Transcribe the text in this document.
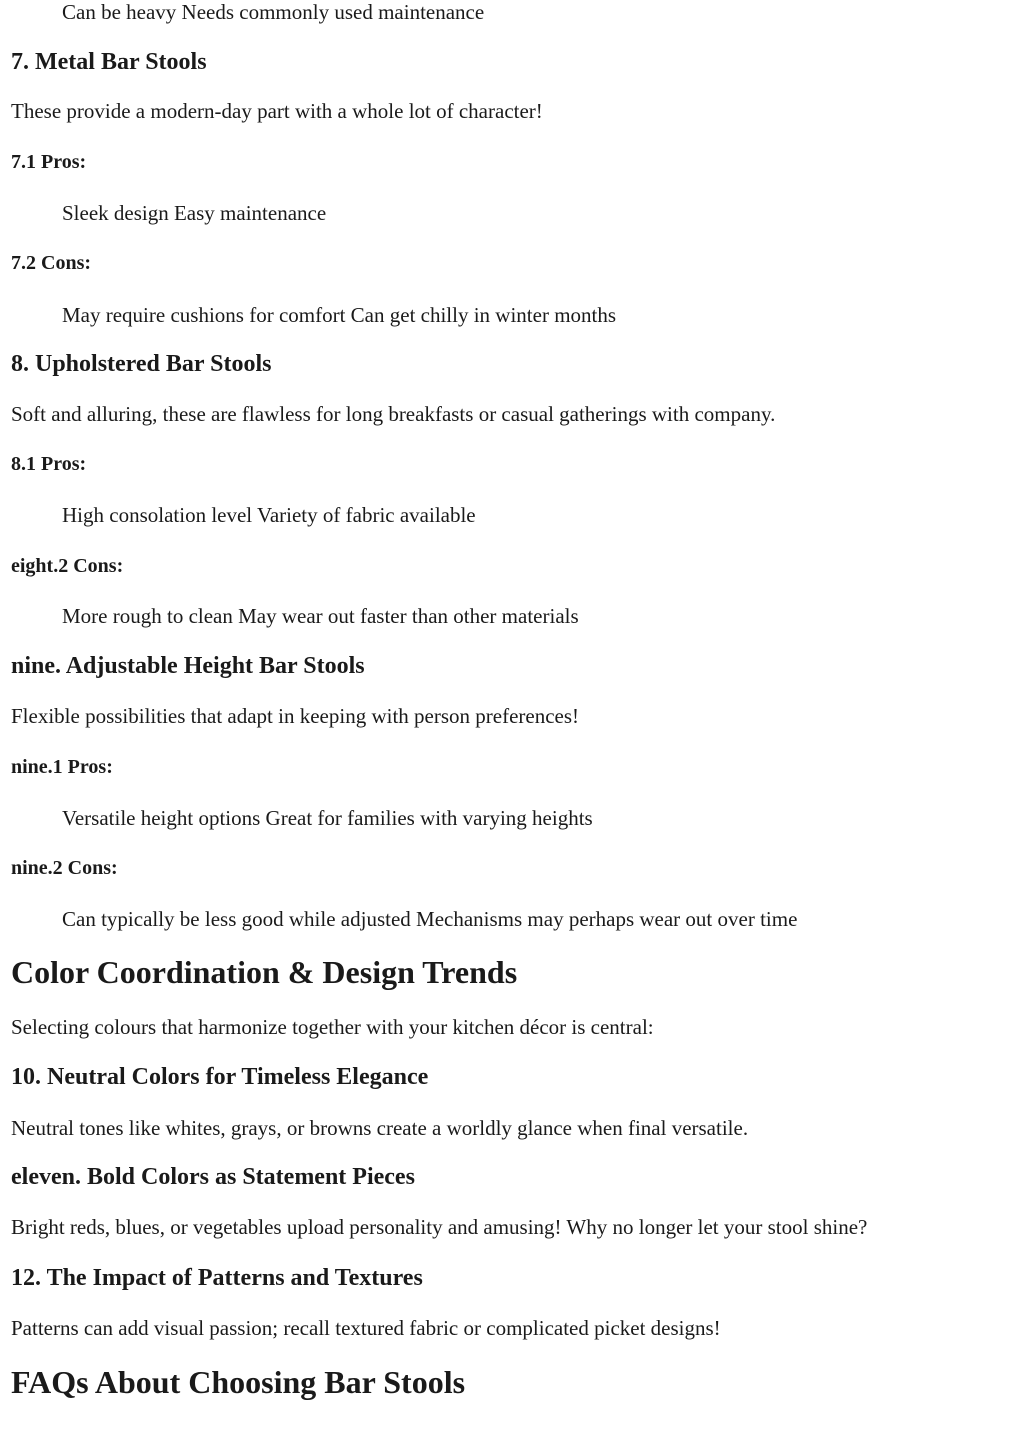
Can be heavy Needs commonly used maintenance

7. Metal Bar Stools

These provide a modern-day part with a whole lot of character!

7.1 Pros:

Sleek design Easy maintenance

7.2 Cons:

May require cushions for comfort Can get chilly in winter months

8. Upholstered Bar Stools

Soft and alluring, these are flawless for long breakfasts or casual gatherings with company.

8.1 Pros:

High consolation level Variety of fabric available

eight.2 Cons:

More rough to clean May wear out faster than other materials

nine. Adjustable Height Bar Stools

Flexible possibilities that adapt in keeping with person preferences!

nine.1 Pros:

Versatile height options Great for families with varying heights

nine.2 Cons:

Can typically be less good while adjusted Mechanisms may perhaps wear out over time

Color Coordination & Design Trends

Selecting colours that harmonize together with your kitchen décor is central:

10. Neutral Colors for Timeless Elegance

Neutral tones like whites, grays, or browns create a worldly glance when final versatile.

eleven. Bold Colors as Statement Pieces

Bright reds, blues, or vegetables upload personality and amusing! Why no longer let your stool shine?

12. The Impact of Patterns and Textures

Patterns can add visual passion; recall textured fabric or complicated picket designs!

FAQs About Choosing Bar Stools
